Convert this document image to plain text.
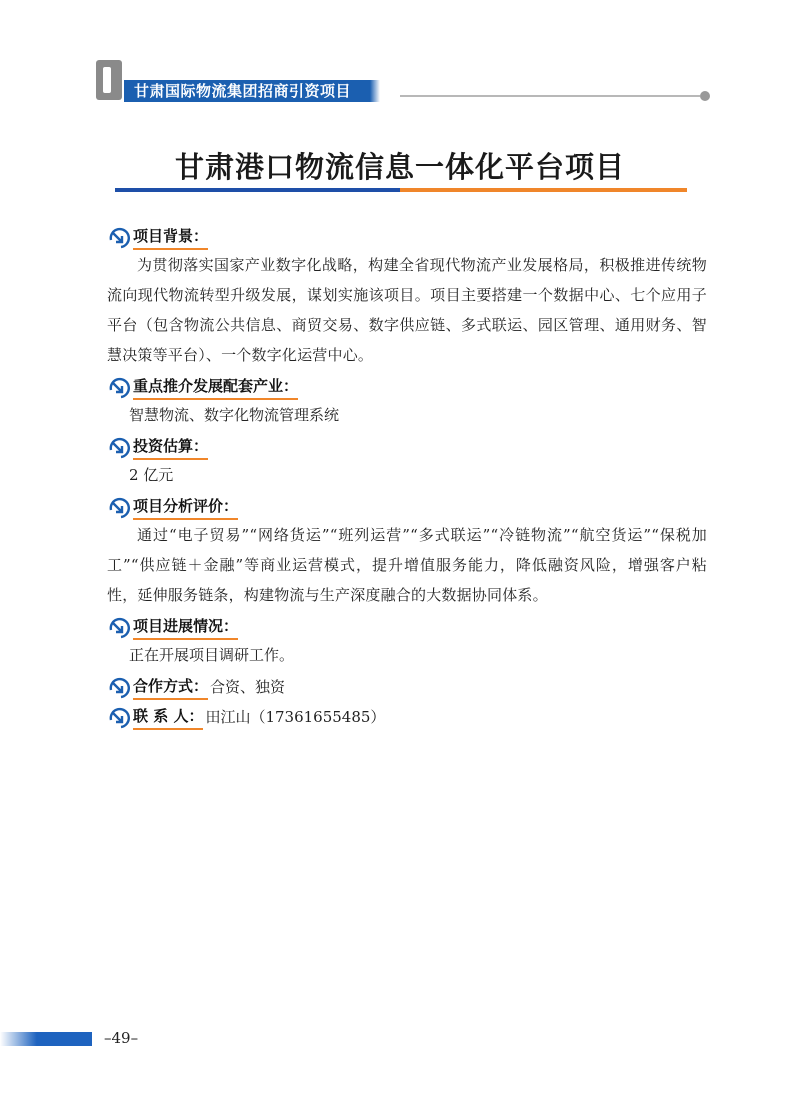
甘肃国际物流集团招商引资项目
甘肃港口物流信息一体化平台项目
项目背景：

为贯彻落实国家产业数字化战略，构建全省现代物流产业发展格局，积极推进传统物流向现代物流转型升级发展，谋划实施该项目。项目主要搭建一个数据中心、七个应用子平台（包含物流公共信息、商贸交易、数字供应链、多式联运、园区管理、通用财务、智慧决策等平台）、一个数字化运营中心。

重点推介发展配套产业：

智慧物流、数字化物流管理系统

投资估算：

2 亿元

项目分析评价：

通过“电子贸易”“网络货运”“班列运营”“多式联运”“冷链物流”“航空货运”“保税加工”“供应链＋金融”等商业运营模式，提升增值服务能力，降低融资风险，增强客户粘性，延伸服务链条，构建物流与生产深度融合的大数据协同体系。

项目进展情况：

正在开展项目调研工作。

合作方式： 合资、独资
联 系 人： 田江山（17361655485）
–49–
